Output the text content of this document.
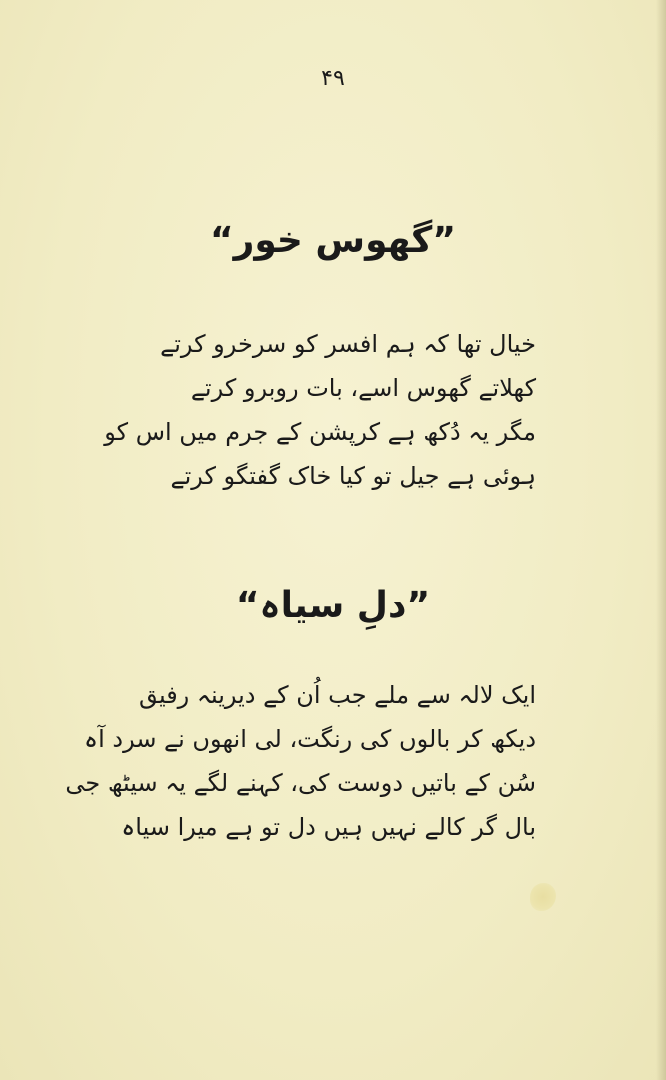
۴۹
”گھوس خور“
خیال تھا کہ ہم افسر کو سرخرو کرتے
کھلاتے گھوس اسے، بات روبرو کرتے
مگر یہ دُکھ ہے کرپشن کے جرم میں اس کو
ہوئی ہے جیل تو کیا خاک گفتگو کرتے
”دلِ سیاہ“
ایک لالہ سے ملے جب اُن کے دیرینہ رفیق
دیکھ کر بالوں کی رنگت، لی انھوں نے سرد آہ
سُن کے باتیں دوست کی، کہنے لگے یہ سیٹھ جی
بال گر کالے نہیں ہیں دل تو ہے میرا سیاہ
